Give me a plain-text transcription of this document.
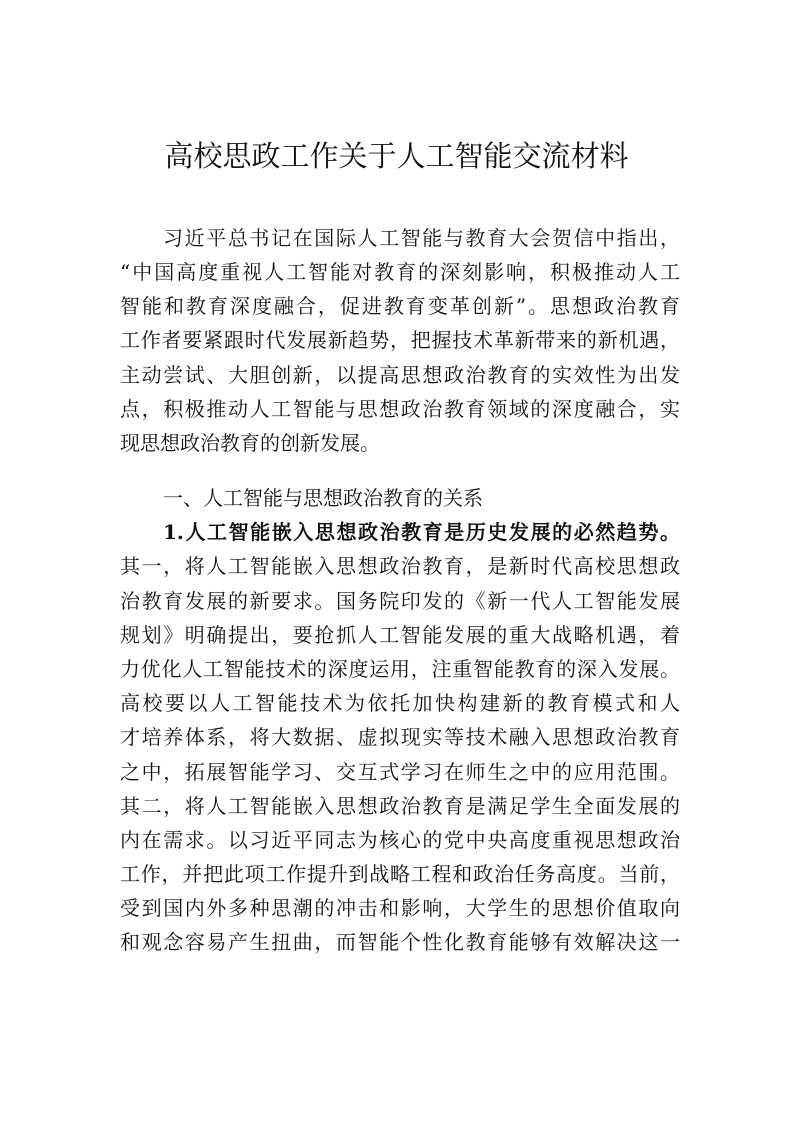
高校思政工作关于人工智能交流材料
习近平总书记在国际人工智能与教育大会贺信中指出，
“中国高度重视人工智能对教育的深刻影响，积极推动人工
智能和教育深度融合，促进教育变革创新”。思想政治教育
工作者要紧跟时代发展新趋势，把握技术革新带来的新机遇，
主动尝试、大胆创新，以提高思想政治教育的实效性为出发
点，积极推动人工智能与思想政治教育领域的深度融合，实
现思想政治教育的创新发展。
一、人工智能与思想政治教育的关系
1.人工智能嵌入思想政治教育是历史发展的必然趋势。
其一，将人工智能嵌入思想政治教育，是新时代高校思想政
治教育发展的新要求。国务院印发的《新一代人工智能发展
规划》明确提出，要抢抓人工智能发展的重大战略机遇，着
力优化人工智能技术的深度运用，注重智能教育的深入发展。
高校要以人工智能技术为依托加快构建新的教育模式和人
才培养体系，将大数据、虚拟现实等技术融入思想政治教育
之中，拓展智能学习、交互式学习在师生之中的应用范围。
其二，将人工智能嵌入思想政治教育是满足学生全面发展的
内在需求。以习近平同志为核心的党中央高度重视思想政治
工作，并把此项工作提升到战略工程和政治任务高度。当前，
受到国内外多种思潮的冲击和影响，大学生的思想价值取向
和观念容易产生扭曲，而智能个性化教育能够有效解决这一
